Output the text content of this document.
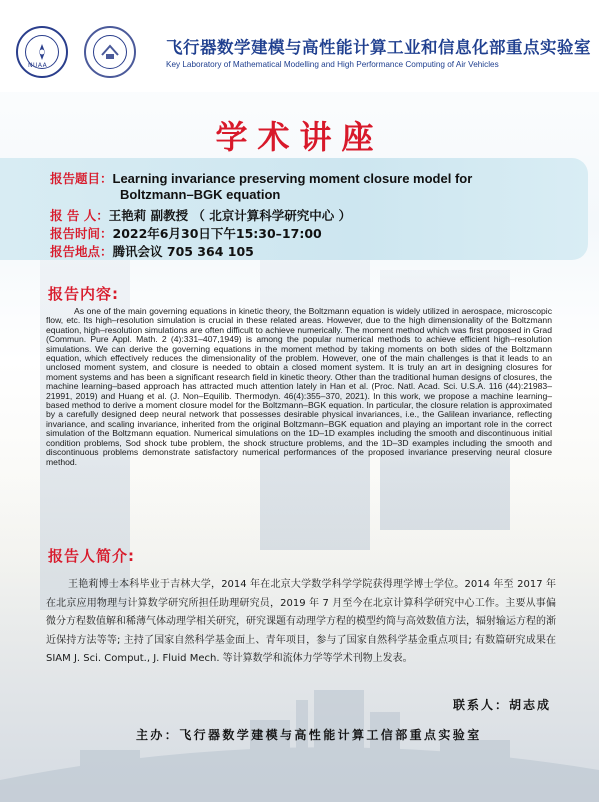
NUAA
飞行器数学建模与高性能计算工业和信息化部重点实验室
Key Laboratory of Mathematical Modelling and High Performance Computing of Air Vehicles
学术讲座
报告题目：Learning invariance preserving moment closure model for
Boltzmann–BGK equation
报 告 人：王艳莉 副教授 （ 北京计算科学研究中心 ）
报告时间：2022年6月30日下午15:30–17:00
报告地点：腾讯会议 705 364 105
报告内容:
As one of the main governing equations in kinetic theory, the Boltzmann equation is widely utilized in aerospace, microscopic flow, etc. Its high–resolution simulation is crucial in these related areas. However, due to the high dimensionality of the Boltzmann equation, high–resolution simulations are often difficult to achieve numerically. The moment method which was first proposed in Grad (Commun. Pure Appl. Math. 2 (4):331–407,1949) is among the popular numerical methods to achieve efficient high–resolution simulations. We can derive the governing equations in the moment method by taking moments on both sides of the Boltzmann equation, which effectively reduces the dimensionality of the problem. However, one of the main challenges is that it leads to an unclosed moment system, and closure is needed to obtain a closed moment system. It is truly an art in designing closures for moment systems and has been a significant research field in kinetic theory. Other than the traditional human designs of closures, the machine learning–based approach has attracted much attention lately in Han et al. (Proc. Natl. Acad. Sci. U.S.A. 116 (44):21983–21991, 2019) and Huang et al. (J. Non–Equilib. Thermodyn. 46(4):355–370, 2021). In this work, we propose a machine learning–based method to derive a moment closure model for the Boltzmann–BGK equation. In particular, the closure relation is approximated by a carefully designed deep neural network that possesses desirable physical invariances, i.e., the Galilean invariance, reflecting invariance, and scaling invariance, inherited from the original Boltzmann–BGK equation and playing an important role in the correct simulation of the Boltzmann equation. Numerical simulations on the 1D–1D examples including the smooth and discontinuous initial condition problems, Sod shock tube problem, the shock structure problems, and the 1D–3D examples including the smooth and discontinuous problems demonstrate satisfactory numerical performances of the proposed invariance preserving neural closure method.
报告人简介:
王艳莉博士本科毕业于吉林大学，2014 年在北京大学数学科学学院获得理学博士学位。2014 年至 2017 年在北京应用物理与计算数学研究所担任助理研究员，2019 年 7 月至今在北京计算科学研究中心工作。主要从事偏微分方程数值解和稀薄气体动理学相关研究，研究课题有动理学方程的模型约简与高效数值方法，辐射输运方程的渐近保持方法等等; 主持了国家自然科学基金面上、青年项目，参与了国家自然科学基金重点项目; 有数篇研究成果在 SIAM J. Sci. Comput., J. Fluid Mech. 等计算数学和流体力学等学术刊物上发表。
联系人：胡志成
主办：飞行器数学建模与高性能计算工信部重点实验室
